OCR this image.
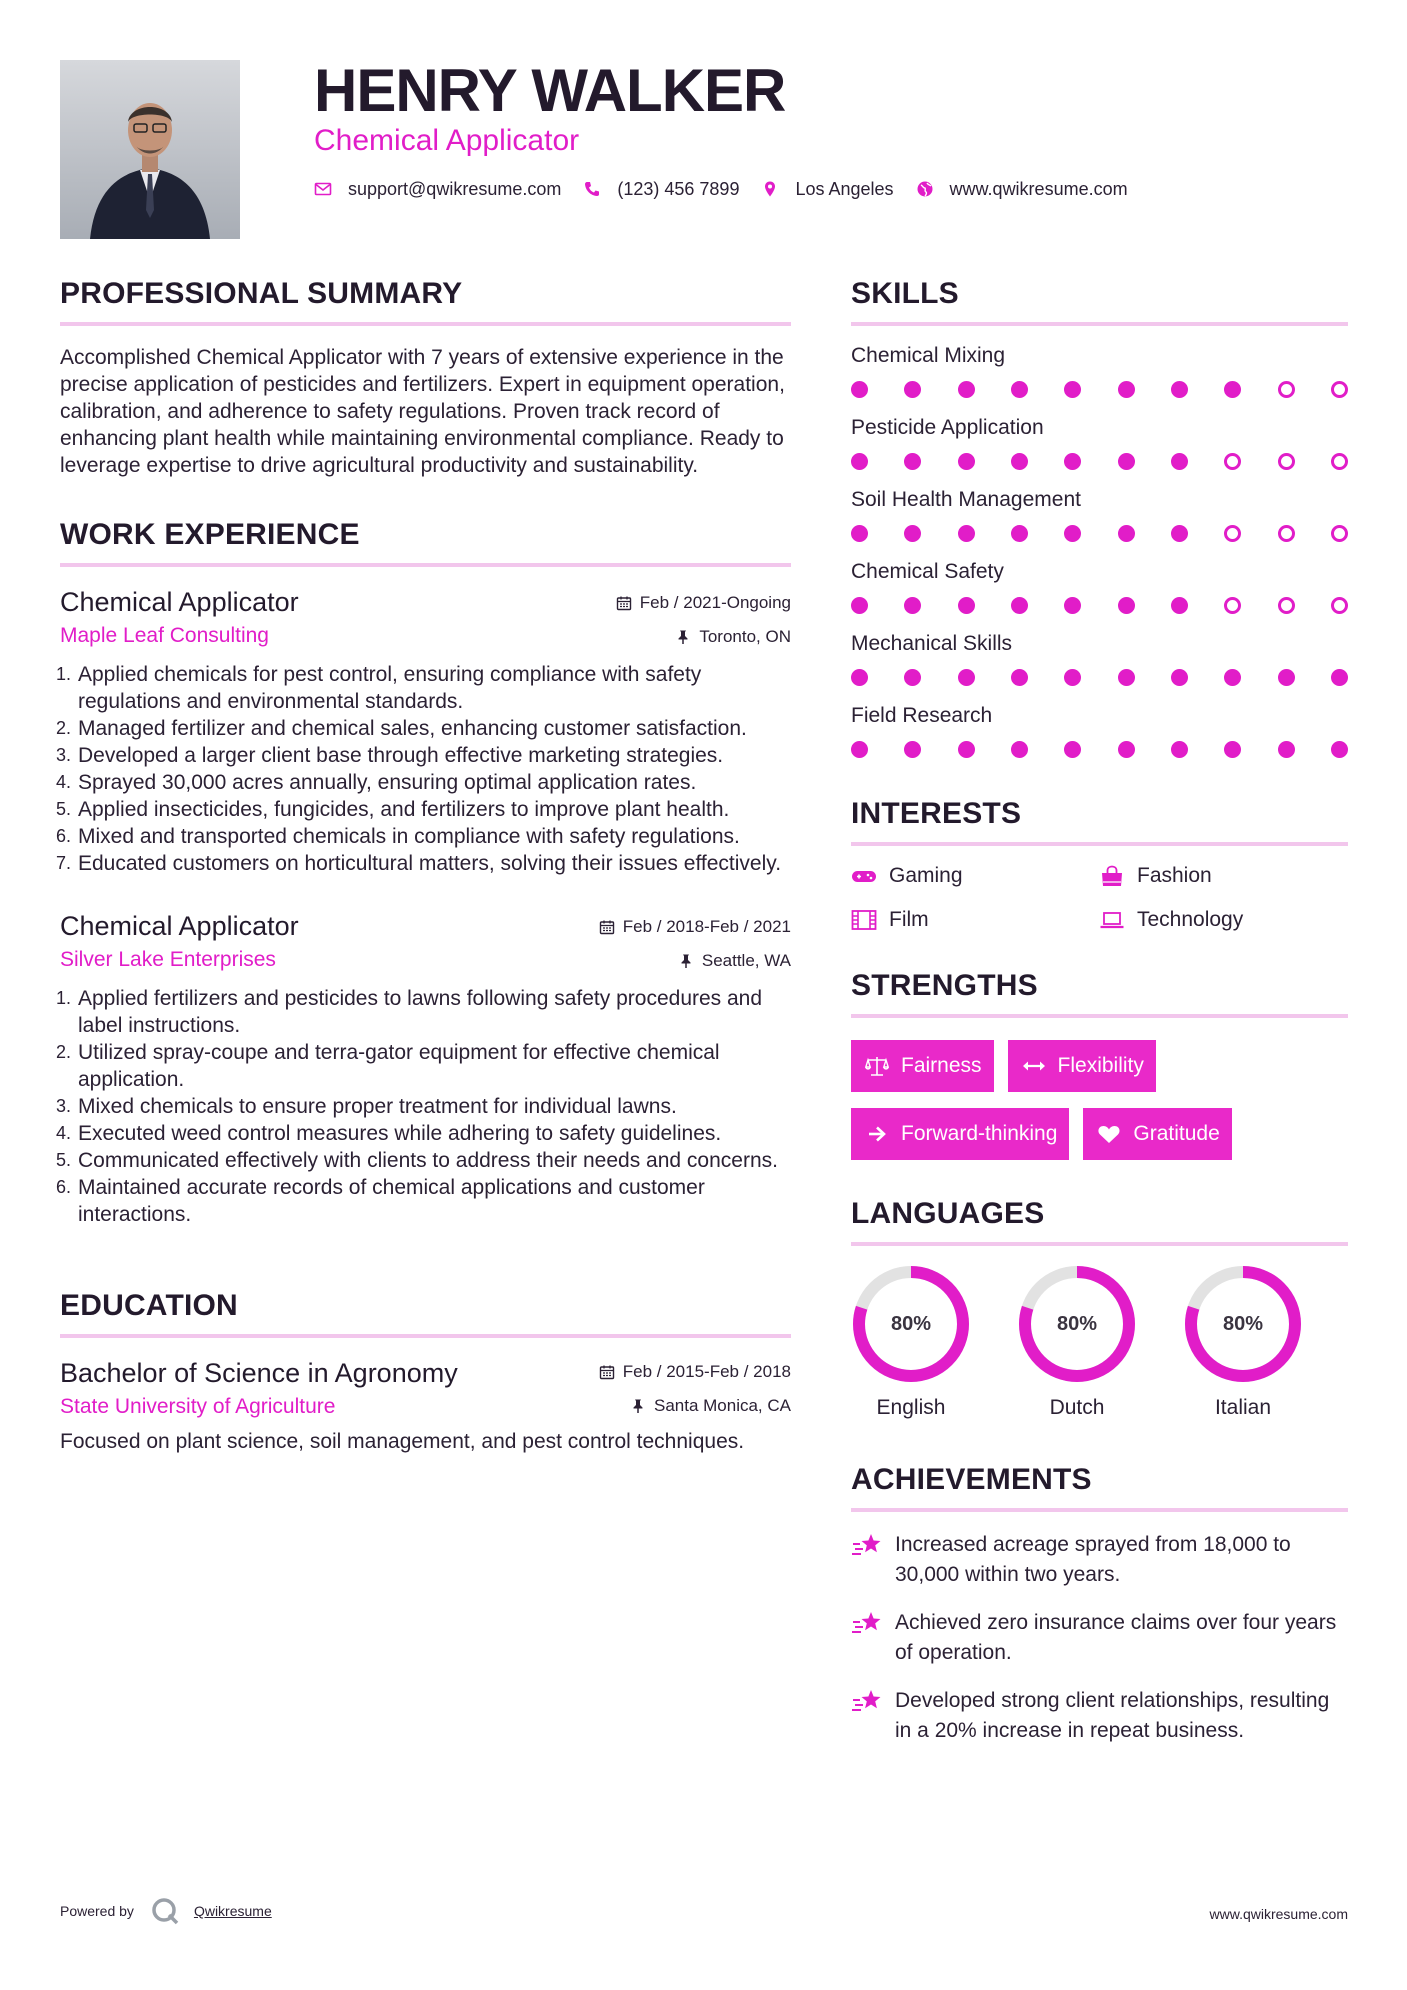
HENRY WALKER
Chemical Applicator
support@qwikresume.com	(123) 456 7899	Los Angeles	www.qwikresume.com
PROFESSIONAL SUMMARY

Accomplished Chemical Applicator with 7 years of extensive experience in the precise application of pesticides and fertilizers. Expert in equipment operation, calibration, and adherence to safety regulations. Proven track record of enhancing plant health while maintaining environmental compliance. Ready to leverage expertise to drive agricultural productivity and sustainability.

WORK EXPERIENCE
Feb / 2021-Ongoing
Toronto, ON
Chemical Applicator
Maple Leaf Consulting
1. Applied chemicals for pest control, ensuring compliance with safety regulations and environmental standards.
2. Managed fertilizer and chemical sales, enhancing customer satisfaction.
3. Developed a larger client base through effective marketing strategies.
4. Sprayed 30,000 acres annually, ensuring optimal application rates.
5. Applied insecticides, fungicides, and fertilizers to improve plant health.
6. Mixed and transported chemicals in compliance with safety regulations.
7. Educated customers on horticultural matters, solving their issues effectively.
Feb / 2018-Feb / 2021
Seattle, WA
Chemical Applicator
Silver Lake Enterprises
1. Applied fertilizers and pesticides to lawns following safety procedures and label instructions.
2. Utilized spray-coupe and terra-gator equipment for effective chemical application.
3. Mixed chemicals to ensure proper treatment for individual lawns.
4. Executed weed control measures while adhering to safety guidelines.
5. Communicated effectively with clients to address their needs and concerns.
6. Maintained accurate records of chemical applications and customer interactions.
EDUCATION
Feb / 2015-Feb / 2018
Santa Monica, CA
Bachelor of Science in Agronomy
State University of Agriculture

Focused on plant science, soil management, and pest control techniques.

SKILLS
Chemical Mixing
Pesticide Application
Soil Health Management
Chemical Safety
Mechanical Skills
Field Research
INTERESTS
Gaming	Fashion
Film	Technology
STRENGTHS
Fairness	Flexibility
Forward-thinking	Gratitude
LANGUAGES
80%
English
80%
Dutch
80%
Italian
ACHIEVEMENTS
Increased acreage sprayed from 18,000 to 30,000 within two years.
Achieved zero insurance claims over four years of operation.
Developed strong client relationships, resulting in a 20% increase in repeat business.
Powered by	Qwikresume	www.qwikresume.com
